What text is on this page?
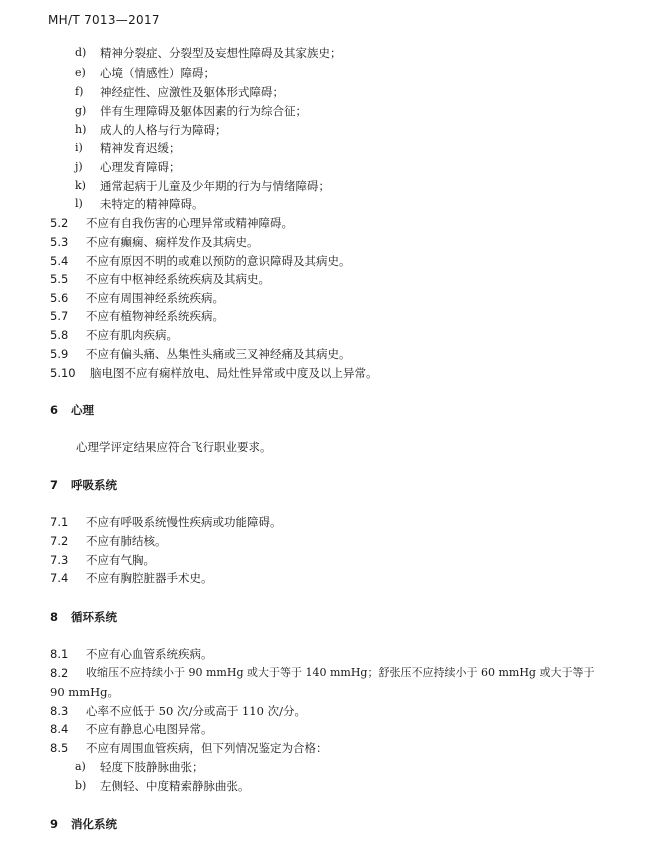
MH/T 7013—2017
d) 精神分裂症、分裂型及妄想性障碍及其家族史；
e) 心境（情感性）障碍；
f) 神经症性、应激性及躯体形式障碍；
g) 伴有生理障碍及躯体因素的行为综合征；
h) 成人的人格与行为障碍；
i) 精神发育迟缓；
j) 心理发育障碍；
k) 通常起病于儿童及少年期的行为与情绪障碍；
l) 未特定的精神障碍。
5.2 不应有自我伤害的心理异常或精神障碍。
5.3 不应有癫痫、痫样发作及其病史。
5.4 不应有原因不明的或难以预防的意识障碍及其病史。
5.5 不应有中枢神经系统疾病及其病史。
5.6 不应有周围神经系统疾病。
5.7 不应有植物神经系统疾病。
5.8 不应有肌肉疾病。
5.9 不应有偏头痛、丛集性头痛或三叉神经痛及其病史。
5.10 脑电图不应有痫样放电、局灶性异常或中度及以上异常。
6 心理
心理学评定结果应符合飞行职业要求。
7 呼吸系统
7.1 不应有呼吸系统慢性疾病或功能障碍。
7.2 不应有肺结核。
7.3 不应有气胸。
7.4 不应有胸腔脏器手术史。
8 循环系统
8.1 不应有心血管系统疾病。
8.2 收缩压不应持续小于 90 mmHg 或大于等于 140 mmHg；舒张压不应持续小于 60 mmHg 或大于等于
90 mmHg。
8.3 心率不应低于 50 次/分或高于 110 次/分。
8.4 不应有静息心电图异常。
8.5 不应有周围血管疾病，但下列情况鉴定为合格：
a) 轻度下肢静脉曲张；
b) 左侧轻、中度精索静脉曲张。
9 消化系统
